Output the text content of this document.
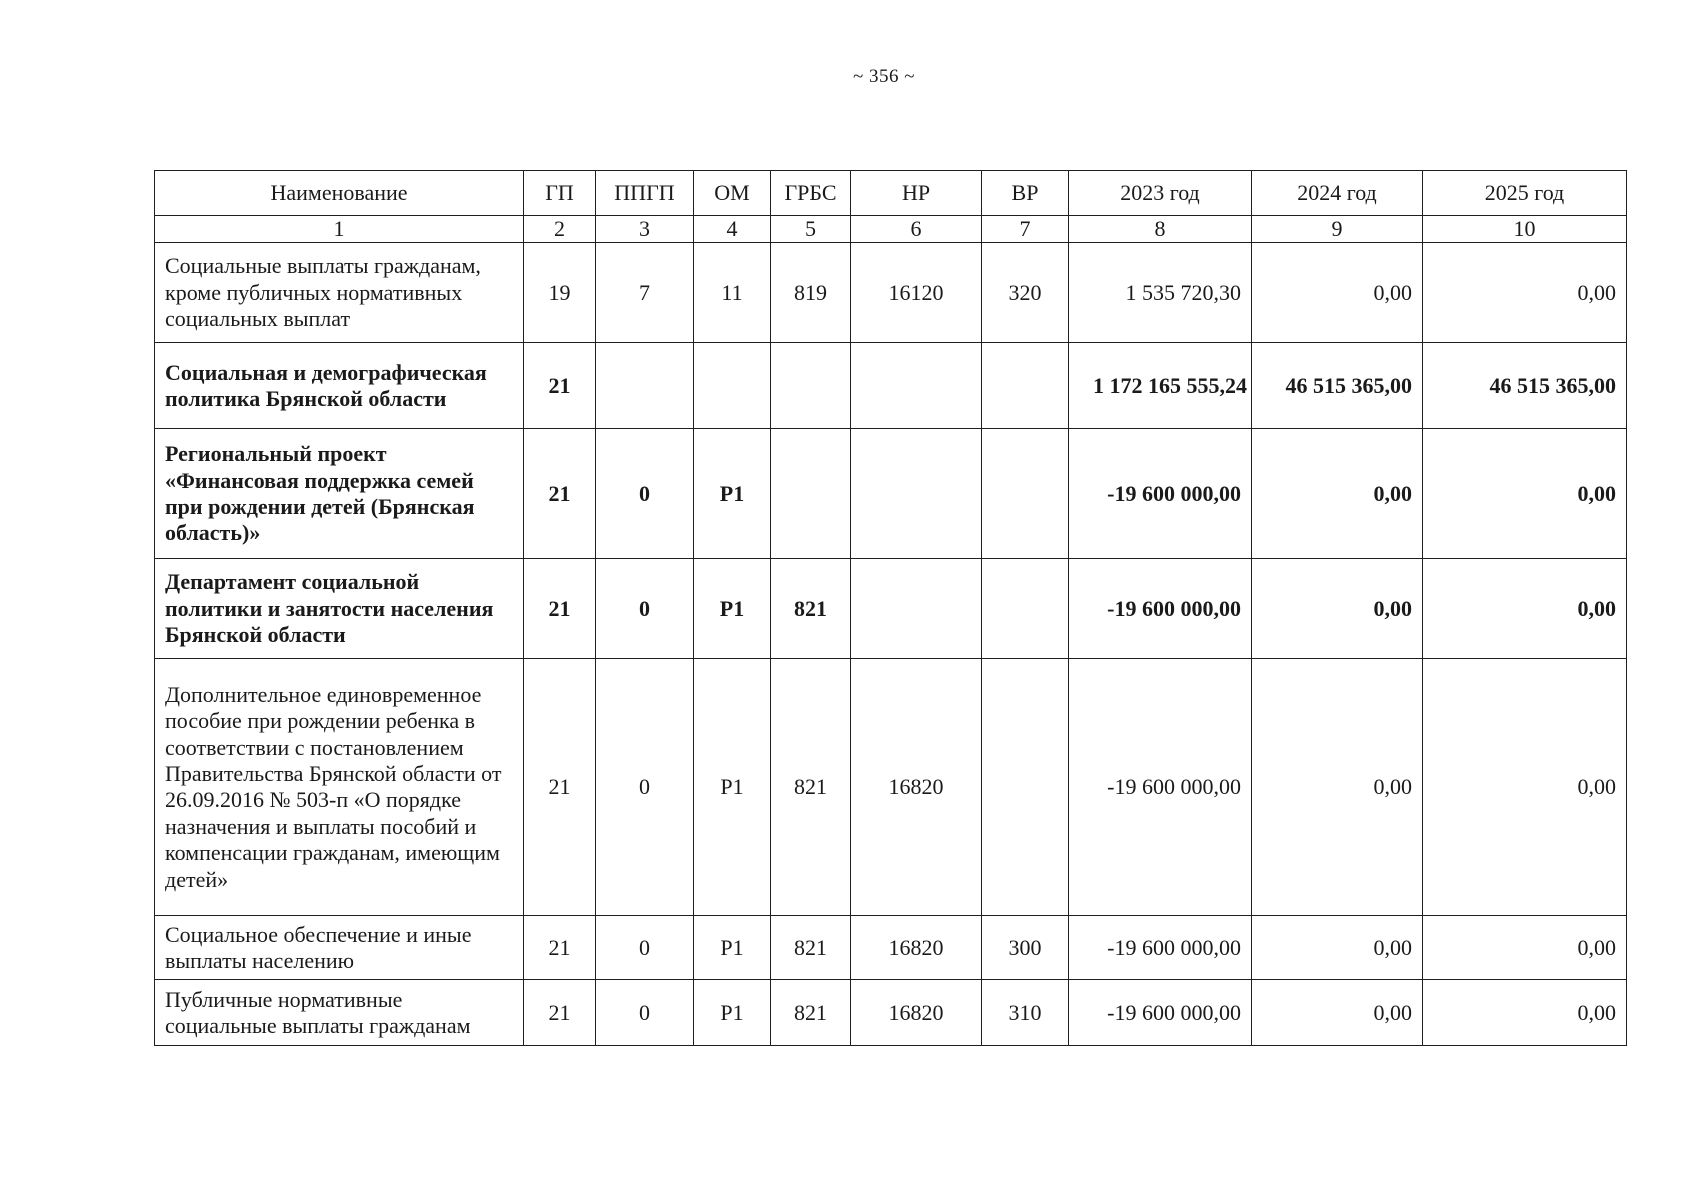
~ 356 ~
Наименование	ГП	ППГП	ОМ	ГРБС	НР	ВР	2023 год	2024 год	2025 год
1	2	3	4	5	6	7	8	9	10
Социальные выплаты гражданам, кроме публичных нормативных социальных выплат	19	7	11	819	16120	320	1 535 720,30	0,00	0,00
Социальная и демографическая политика Брянской области	21						1 172 165 555,24	46 515 365,00	46 515 365,00
Региональный проект «Финансовая поддержка семей при рождении детей (Брянская область)»	21	0	Р1				-19 600 000,00	0,00	0,00
Департамент социальной политики и занятости населения Брянской области	21	0	Р1	821			-19 600 000,00	0,00	0,00
Дополнительное единовременное пособие при рождении ребенка в соответствии с постановлением Правительства Брянской области от 26.09.2016 № 503-п «О порядке назначения и выплаты пособий и компенсации гражданам, имеющим детей»	21	0	Р1	821	16820		-19 600 000,00	0,00	0,00
Социальное обеспечение и иные выплаты населению	21	0	Р1	821	16820	300	-19 600 000,00	0,00	0,00
Публичные нормативные социальные выплаты гражданам	21	0	Р1	821	16820	310	-19 600 000,00	0,00	0,00
